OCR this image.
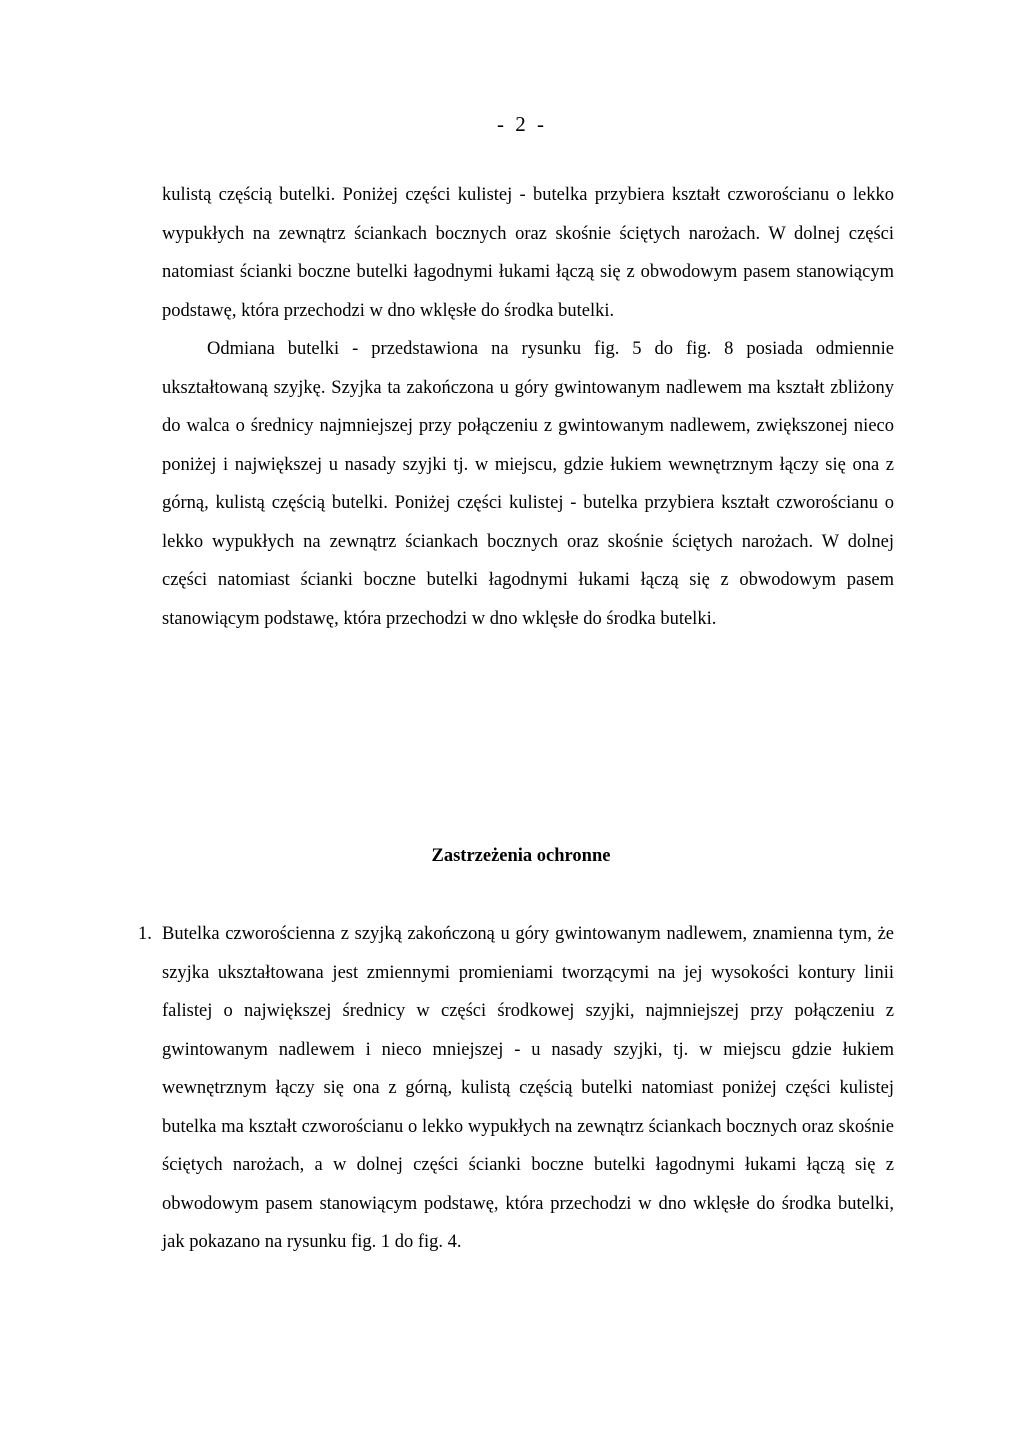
- 2 -

kulistą częścią butelki. Poniżej części kulistej - butelka przybiera kształt czworościanu o lekko wypukłych na zewnątrz ściankach bocznych oraz skośnie ściętych narożach. W dolnej części natomiast ścianki boczne butelki łagodnymi łukami łączą się z obwodowym pasem stanowiącym podstawę, która przechodzi w dno wklęsłe do środka butelki.

Odmiana butelki - przedstawiona na rysunku fig. 5 do fig. 8 posiada odmiennie ukształtowaną szyjkę. Szyjka ta zakończona u góry gwintowanym nadlewem ma kształt zbliżony do walca o średnicy najmniejszej przy połączeniu z gwintowanym nadlewem, zwiększonej nieco poniżej i największej u nasady szyjki tj. w miejscu, gdzie łukiem wewnętrznym łączy się ona z górną, kulistą częścią butelki. Poniżej części kulistej - butelka przybiera kształt czworościanu o lekko wypukłych na zewnątrz ściankach bocznych oraz skośnie ściętych narożach. W dolnej części natomiast ścianki boczne butelki łagodnymi łukami łączą się z obwodowym pasem stanowiącym podstawę, która przechodzi w dno wklęsłe do środka butelki.

Zastrzeżenia ochronne
1. Butelka czworościenna z szyjką zakończoną u góry gwintowanym nadlewem, znamienna tym, że szyjka ukształtowana jest zmiennymi promieniami tworzącymi na jej wysokości kontury linii falistej o największej średnicy w części środkowej szyjki, najmniejszej przy połączeniu z gwintowanym nadlewem i nieco mniejszej - u nasady szyjki, tj. w miejscu gdzie łukiem wewnętrznym łączy się ona z górną, kulistą częścią butelki natomiast poniżej części kulistej butelka ma kształt czworościanu o lekko wypukłych na zewnątrz ściankach bocznych oraz skośnie ściętych narożach, a w dolnej części ścianki boczne butelki łagodnymi łukami łączą się z obwodowym pasem stanowiącym podstawę, która przechodzi w dno wklęsłe do środka butelki, jak pokazano na rysunku fig. 1 do fig. 4.
